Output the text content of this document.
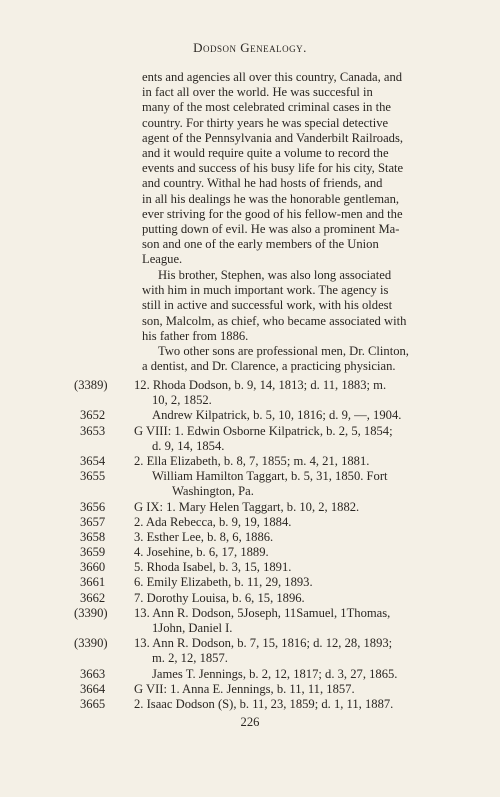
Dodson Genealogy.
ents and agencies all over this country, Canada, and
in fact all over the world. He was succesful in
many of the most celebrated criminal cases in the
country. For thirty years he was special detective
agent of the Pennsylvania and Vanderbilt Railroads,
and it would require quite a volume to record the
events and success of his busy life for his city, State
and country. Withal he had hosts of friends, and
in all his dealings he was the honorable gentleman,
ever striving for the good of his fellow-men and the
putting down of evil. He was also a prominent Ma-
son and one of the early members of the Union
League.
His brother, Stephen, was also long associated
with him in much important work. The agency is
still in active and successful work, with his oldest
son, Malcolm, as chief, who became associated with
his father from 1886.
Two other sons are professional men, Dr. Clinton,
a dentist, and Dr. Clarence, a practicing physician.
(3389)	12. Rhoda Dodson, b. 9, 14, 1813; d. 11, 1883; m.
10, 2, 1852.
3652	Andrew Kilpatrick, b. 5, 10, 1816; d. 9, —, 1904.
3653	G VIII: 1. Edwin Osborne Kilpatrick, b. 2, 5, 1854;
d. 9, 14, 1854.
3654	2. Ella Elizabeth, b. 8, 7, 1855; m. 4, 21, 1881.
3655	William Hamilton Taggart, b. 5, 31, 1850. Fort
Washington, Pa.
3656	G IX: 1. Mary Helen Taggart, b. 10, 2, 1882.
3657	2. Ada Rebecca, b. 9, 19, 1884.
3658	3. Esther Lee, b. 8, 6, 1886.
3659	4. Josehine, b. 6, 17, 1889.
3660	5. Rhoda Isabel, b. 3, 15, 1891.
3661	6. Emily Elizabeth, b. 11, 29, 1893.
3662	7. Dorothy Louisa, b. 6, 15, 1896.
(3390)	13. Ann R. Dodson, 5Joseph, 11Samuel, 1Thomas,
1John, Daniel I.
(3390)	13. Ann R. Dodson, b. 7, 15, 1816; d. 12, 28, 1893;
m. 2, 12, 1857.
3663	James T. Jennings, b. 2, 12, 1817; d. 3, 27, 1865.
3664	G VII: 1. Anna E. Jennings, b. 11, 11, 1857.
3665	2. Isaac Dodson (S), b. 11, 23, 1859; d. 1, 11, 1887.
226
